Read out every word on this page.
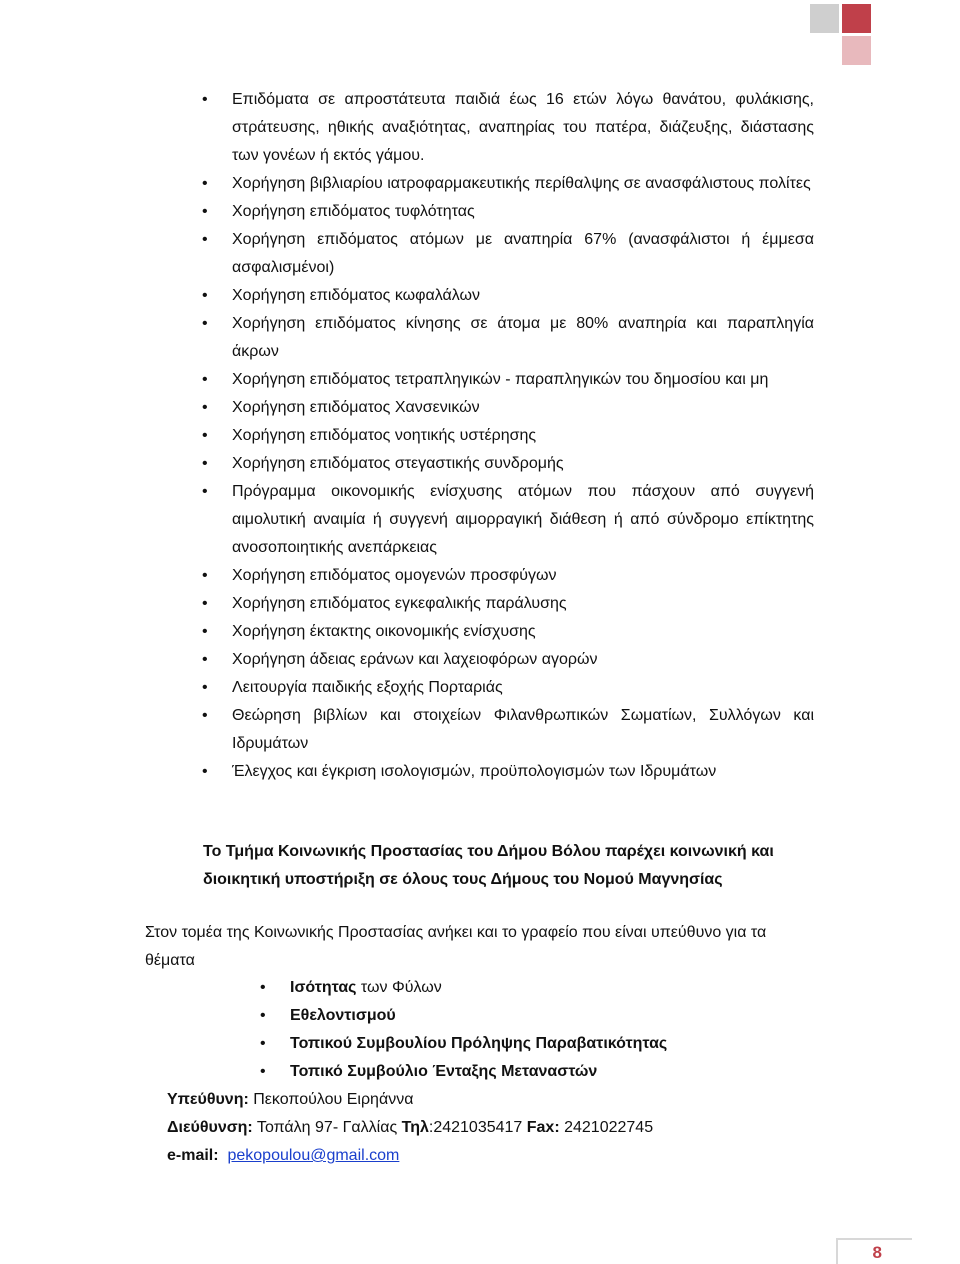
• Επιδόματα σε απροστάτευτα παιδιά έως 16 ετών λόγω θανάτου, φυλάκισης, στράτευσης, ηθικής αναξιότητας, αναπηρίας του πατέρα, διάζευξης, διάστασης των γονέων ή εκτός γάμου.
• Χορήγηση βιβλιαρίου ιατροφαρμακευτικής περίθαλψης σε ανασφάλιστους πολίτες
• Χορήγηση επιδόματος τυφλότητας
• Χορήγηση επιδόματος ατόμων με αναπηρία 67% (ανασφάλιστοι ή έμμεσα ασφαλισμένοι)
• Χορήγηση επιδόματος κωφαλάλων
• Χορήγηση επιδόματος κίνησης σε άτομα με 80% αναπηρία και παραπληγία άκρων
• Χορήγηση επιδόματος τετραπληγικών - παραπληγικών του δημοσίου και μη
• Χορήγηση επιδόματος Χανσενικών
• Χορήγηση επιδόματος νοητικής υστέρησης
• Χορήγηση επιδόματος στεγαστικής συνδρομής
• Πρόγραμμα οικονομικής ενίσχυσης ατόμων που πάσχουν από συγγενή αιμολυτική αναιμία ή συγγενή αιμορραγική διάθεση ή από σύνδρομο επίκτητης ανοσοποιητικής ανεπάρκειας
• Χορήγηση επιδόματος ομογενών προσφύγων
• Χορήγηση επιδόματος εγκεφαλικής παράλυσης
• Χορήγηση έκτακτης οικονομικής ενίσχυσης
• Χορήγηση άδειας εράνων και λαχειοφόρων αγορών
• Λειτουργία παιδικής εξοχής Πορταριάς
• Θεώρηση βιβλίων και στοιχείων Φιλανθρωπικών Σωματίων, Συλλόγων και Ιδρυμάτων
• Έλεγχος και έγκριση ισολογισμών, προϋπολογισμών των Ιδρυμάτων
Το Τμήμα Κοινωνικής Προστασίας του Δήμου Βόλου παρέχει κοινωνική και διοικητική υποστήριξη σε όλους τους Δήμους του Νομού Μαγνησίας
Στον τομέα της Κοινωνικής Προστασίας ανήκει και το γραφείο που είναι υπεύθυνο για τα θέματα
• Ισότητας των Φύλων
• Εθελοντισμού
• Τοπικού Συμβουλίου Πρόληψης Παραβατικότητας
• Τοπικό Συμβούλιο Ένταξης Μεταναστών
Υπεύθυνη: Πεκοπούλου Ειρηάννα
Διεύθυνση: Τοπάλη 97- Γαλλίας Τηλ:2421035417 Fax: 2421022745
e-mail: pekopoulou@gmail.com
8
